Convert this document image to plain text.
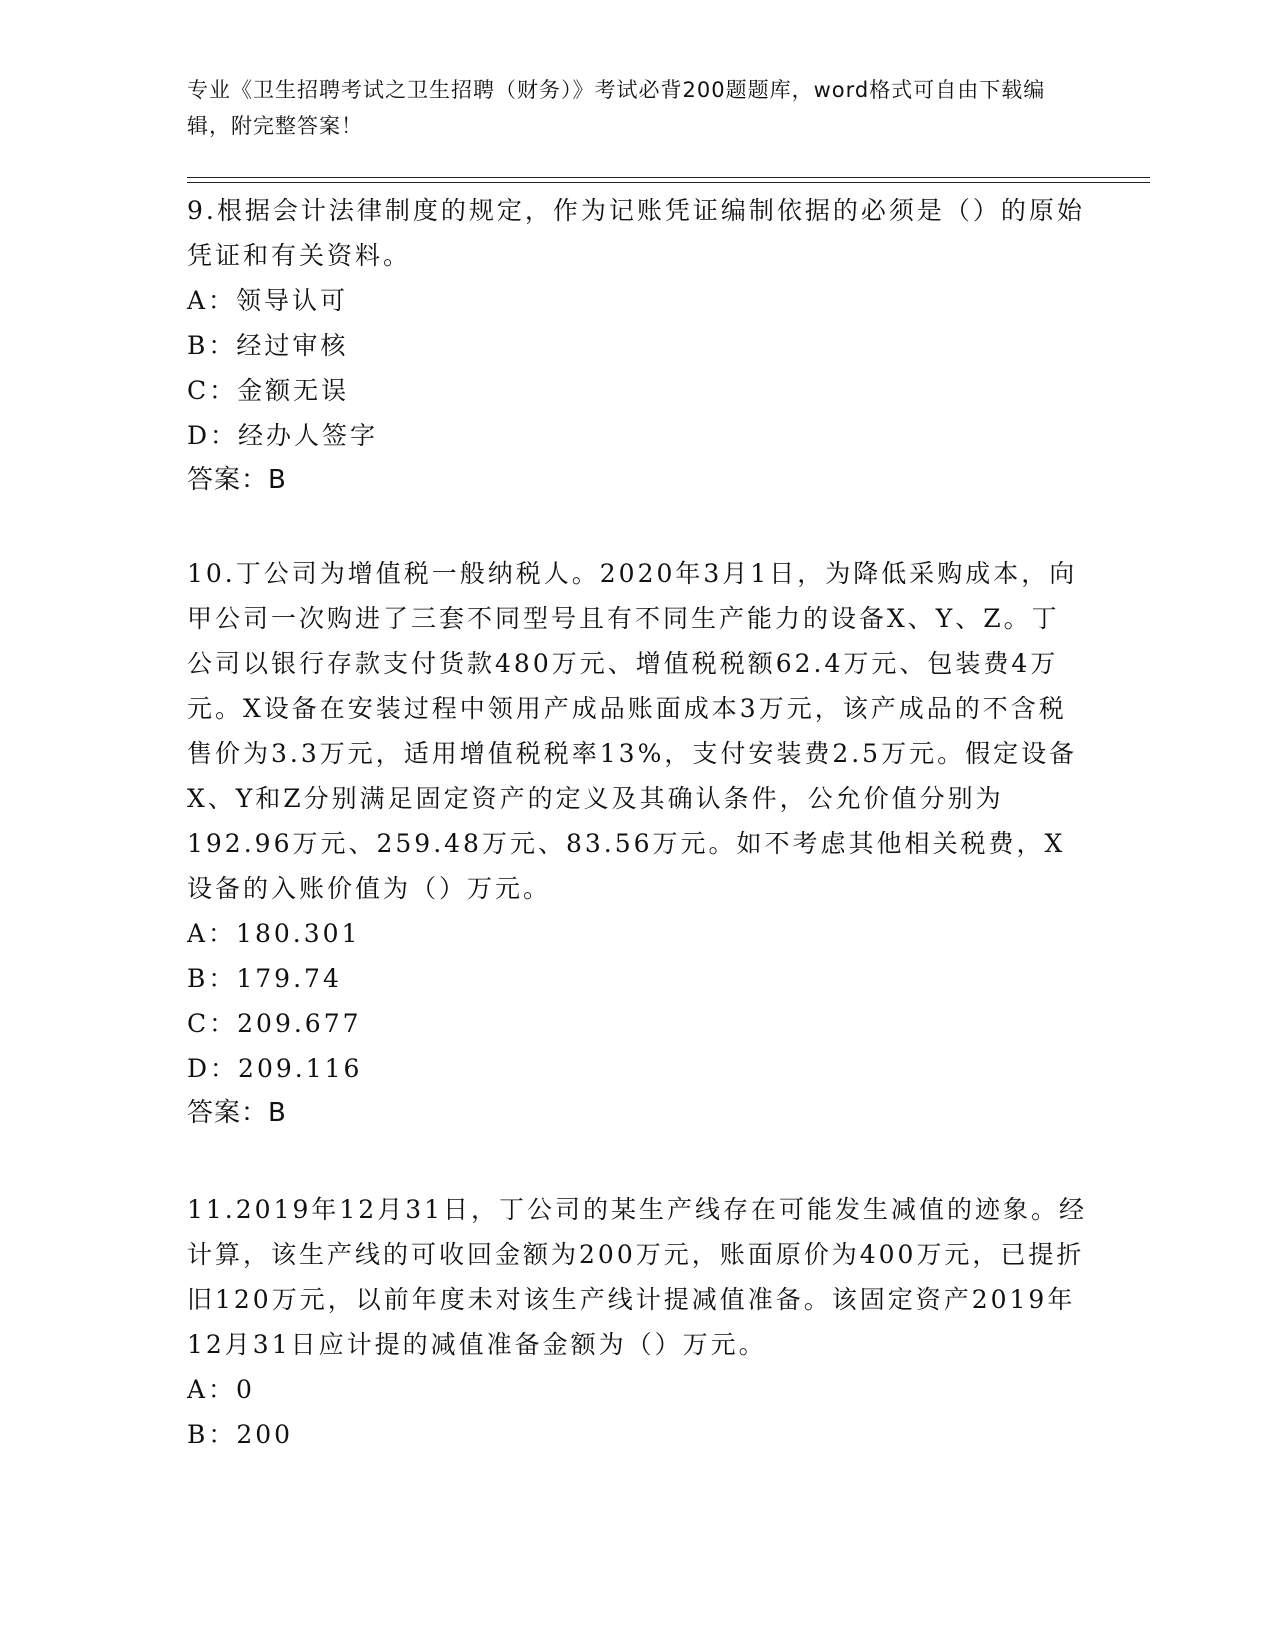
专业《卫生招聘考试之卫生招聘（财务）》考试必背200题题库，word格式可自由下载编辑，附完整答案！

9.根据会计法律制度的规定，作为记账凭证编制依据的必须是（）的原始凭证和有关资料。

A：领导认可

B：经过审核

C：金额无误

D：经办人签字

答案：B

10.丁公司为增值税一般纳税人。2020年3月1日，为降低采购成本，向甲公司一次购进了三套不同型号且有不同生产能力的设备X、Y、Z。丁公司以银行存款支付货款480万元、增值税税额62.4万元、包装费4万元。X设备在安装过程中领用产成品账面成本3万元，该产成品的不含税售价为3.3万元，适用增值税税率13%，支付安装费2.5万元。假定设备X、Y和Z分别满足固定资产的定义及其确认条件，公允价值分别为192.96万元、259.48万元、83.56万元。如不考虑其他相关税费，X设备的入账价值为（）万元。

A：180.301

B：179.74

C：209.677

D：209.116

答案：B

11.2019年12月31日，丁公司的某生产线存在可能发生减值的迹象。经计算，该生产线的可收回金额为200万元，账面原价为400万元，已提折旧120万元，以前年度未对该生产线计提减值准备。该固定资产2019年12月31日应计提的减值准备金额为（）万元。

A：0

B：200
